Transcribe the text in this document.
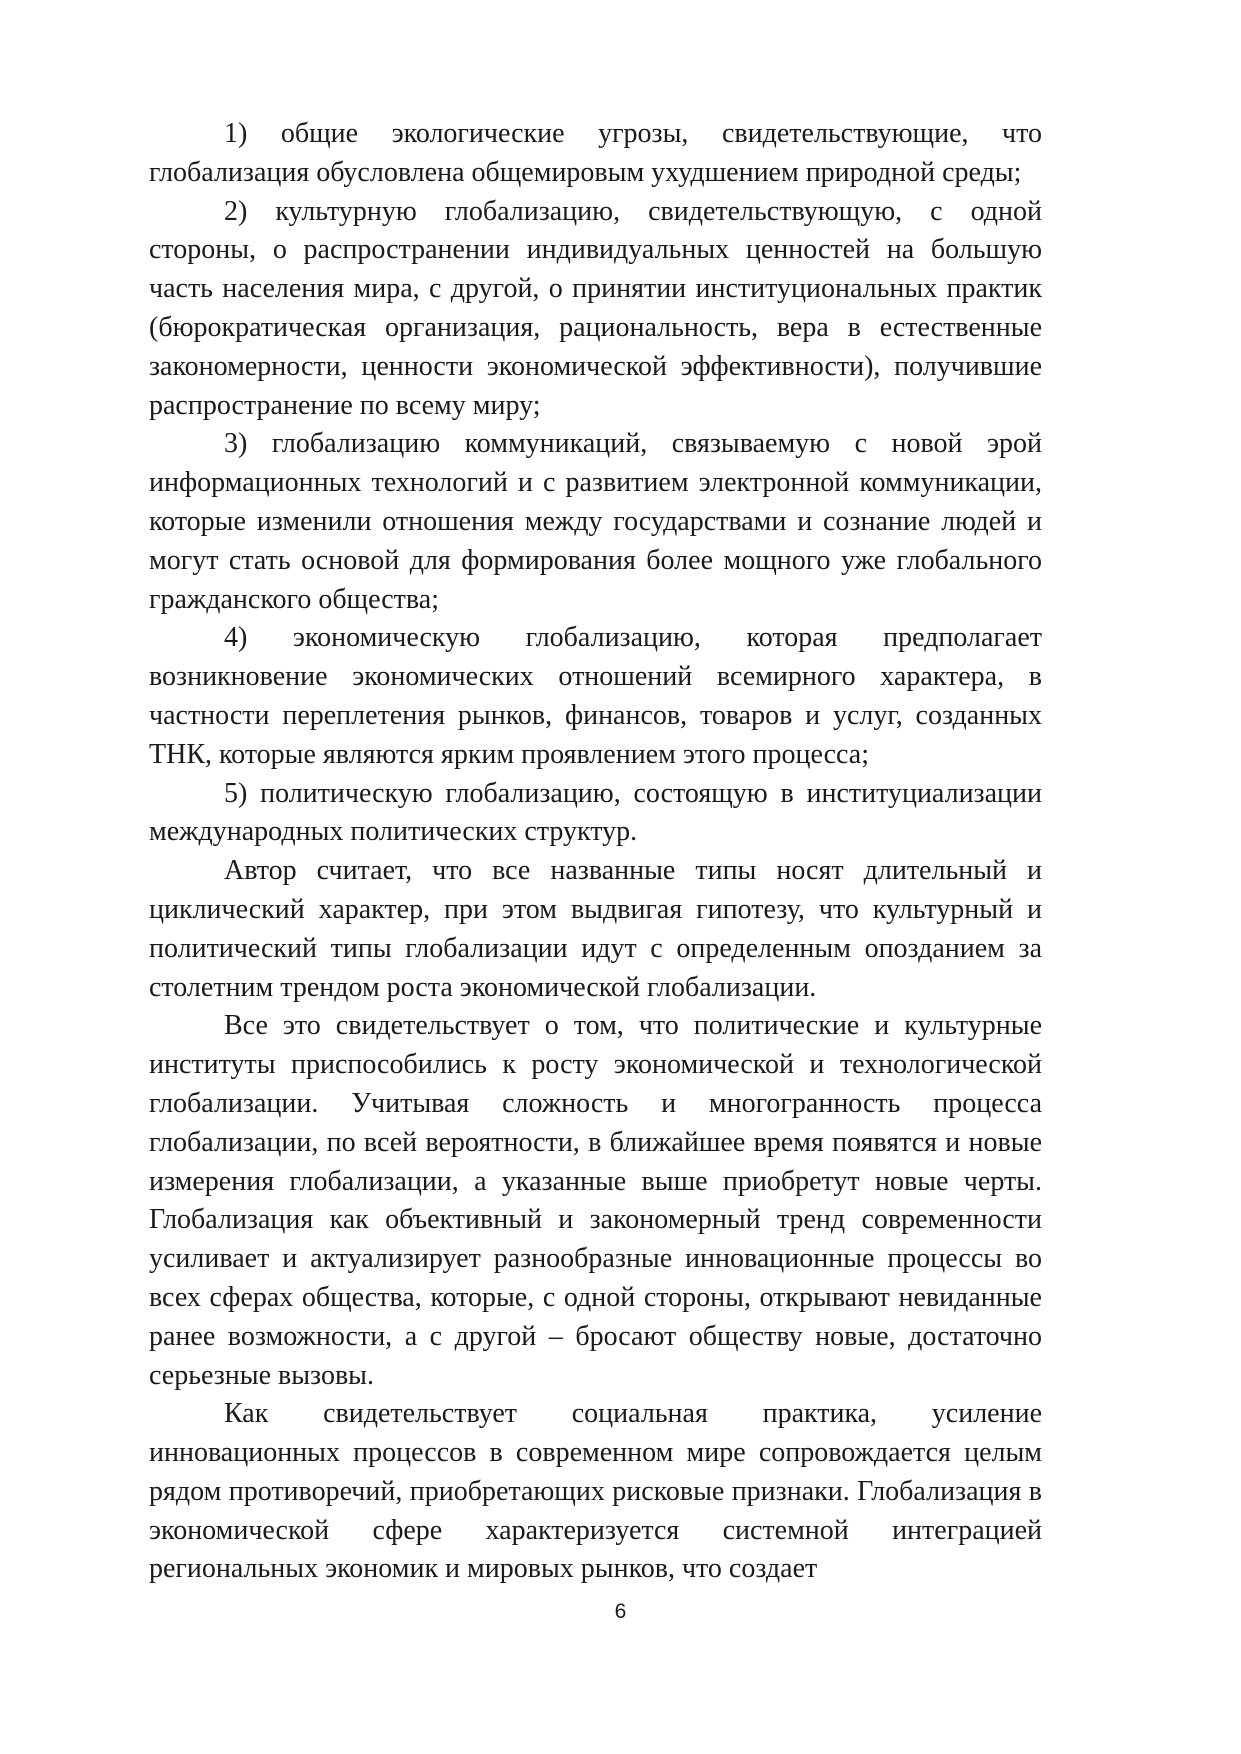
1) общие экологические угрозы, свидетельствующие, что глобализация обусловлена общемировым ухудшением природной среды;

2) культурную глобализацию, свидетельствующую, с одной стороны, о распространении индивидуальных ценностей на большую часть населения мира, с другой, о принятии институциональных практик (бюрократическая организация, рациональность, вера в естественные закономерности, ценности экономической эффективности), получившие распространение по всему миру;

3) глобализацию коммуникаций, связываемую с новой эрой информационных технологий и с развитием электронной коммуникации, которые изменили отношения между государствами и сознание людей и могут стать основой для формирования более мощного уже глобального гражданского общества;

4) экономическую глобализацию, которая предполагает возникновение экономических отношений всемирного характера, в частности переплетения рынков, финансов, товаров и услуг, созданных ТНК, которые являются ярким проявлением этого процесса;

5) политическую глобализацию, состоящую в институциализации международных политических структур.

Автор считает, что все названные типы носят длительный и циклический характер, при этом выдвигая гипотезу, что культурный и политический типы глобализации идут с определенным опозданием за столетним трендом роста экономической глобализации.

Все это свидетельствует о том, что политические и культурные институты приспособились к росту экономической и технологической глобализации. Учитывая сложность и многогранность процесса глобализации, по всей вероятности, в ближайшее время появятся и новые измерения глобализации, а указанные выше приобретут новые черты. Глобализация как объективный и закономерный тренд современности усиливает и актуализирует разнообразные инновационные процессы во всех сферах общества, которые, с одной стороны, открывают невиданные ранее возможности, а с другой – бросают обществу новые, достаточно серьезные вызовы.

Как свидетельствует социальная практика, усиление инновационных процессов в современном мире сопровождается целым рядом противоречий, приобретающих рисковые признаки. Глобализация в экономической сфере характеризуется системной интеграцией региональных экономик и мировых рынков, что создает

6
